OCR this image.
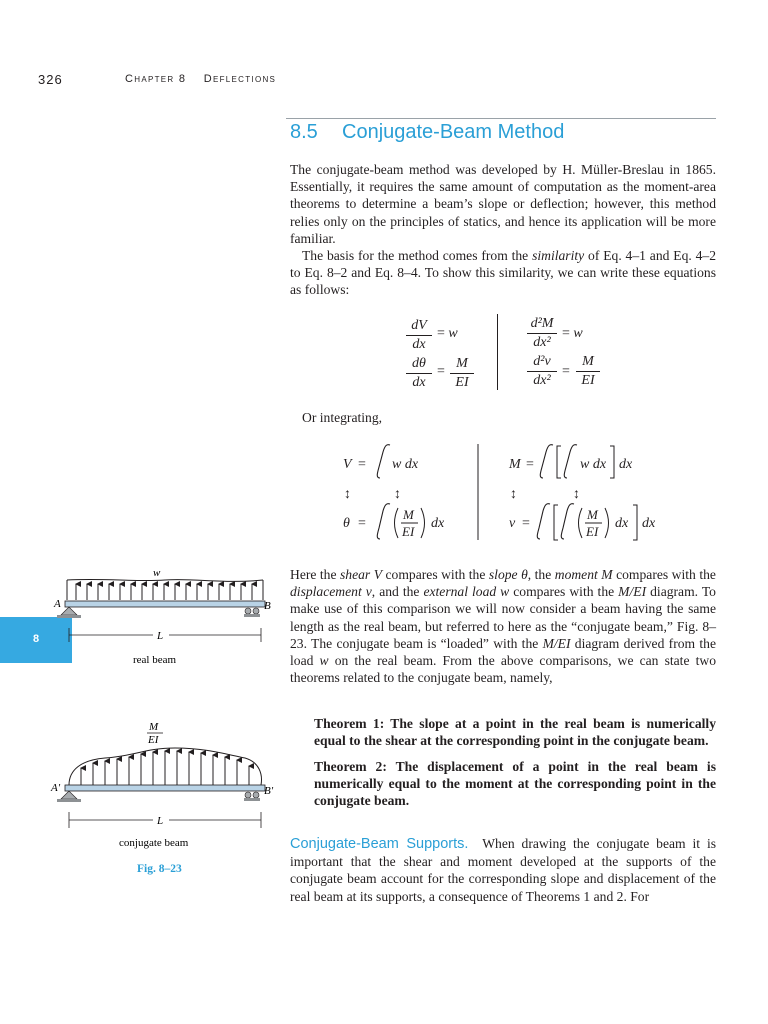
326	Chapter 8 Deflections
8.5 Conjugate-Beam Method
The conjugate-beam method was developed by H. Müller-Breslau in 1865. Essentially, it requires the same amount of computation as the moment-area theorems to determine a beam’s slope or deflection; however, this method relies only on the principles of statics, and hence its application will be more familiar.
The basis for the method comes from the similarity of Eq. 4–1 and Eq. 4–2 to Eq. 8–2 and Eq. 8–4. To show this similarity, we can write these equations as follows:
$\frac{dV}{dx} = w$
$\frac{d\theta}{dx} = \frac{M}{EI}$
$\frac{\text{d²M}}{\text{dx²}} = w$
$\frac{\text{d²v}}{\text{dx²}} = \frac{M}{EI}$
Or integrating,
V = w dx
↕	↕
θ =
M
EI
dx
M =	w dx dx
↕	↕
v =
M
EI
dx dx
Here the shear V compares with the slope θ, the moment M compares with the displacement v, and the external load w compares with the M/EI diagram. To make use of this comparison we will now consider a beam having the same length as the real beam, but referred to here as the “conjugate beam,” Fig. 8–23. The conjugate beam is “loaded” with the M/EI diagram derived from the load w on the real beam. From the above comparisons, we can state two theorems related to the conjugate beam, namely,
Theorem 1: The slope at a point in the real beam is numerically equal to the shear at the corresponding point in the conjugate beam.
Theorem 2: The displacement of a point in the real beam is numerically equal to the moment at the corresponding point in the conjugate beam.
Conjugate-Beam Supports. When drawing the conjugate beam it is important that the shear and moment developed at the supports of the conjugate beam account for the corresponding slope and displacement of the real beam at its supports, a consequence of Theorems 1 and 2. For
8
w
A	B
L
real beam
M
EI
A′	B′
L
conjugate beam
Fig. 8–23
